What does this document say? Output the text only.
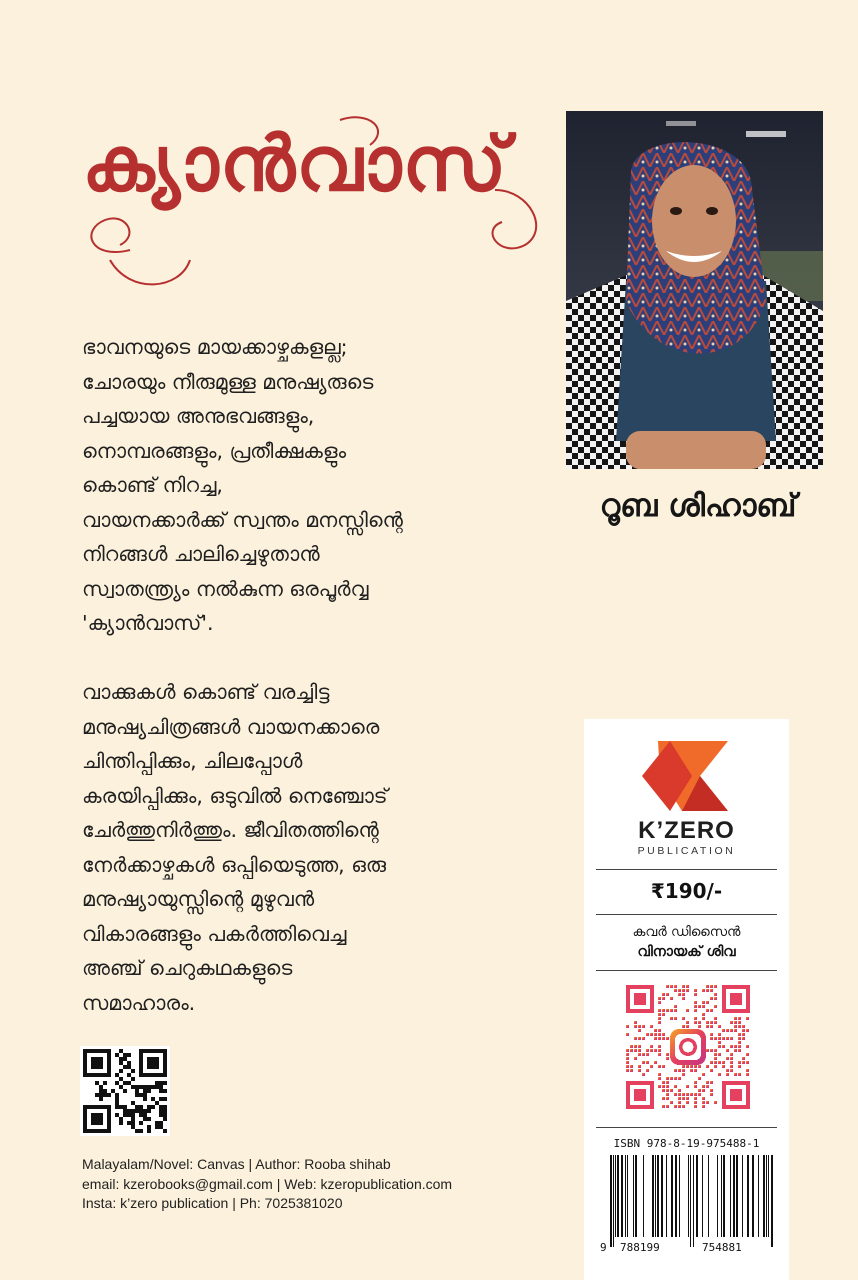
ക്യാൻവാസ്
റൂബ ശിഹാബ്

ഭാവനയുടെ മായക്കാഴ്ചകളല്ല;
ചോരയും നീരുമുള്ള മനുഷ്യരുടെ
പച്ചയായ അനുഭവങ്ങളും,
നൊമ്പരങ്ങളും, പ്രതീക്ഷകളും
കൊണ്ട് നിറച്ച,
വായനക്കാർക്ക് സ്വന്തം മനസ്സിന്റെ
നിറങ്ങൾ ചാലിച്ചെഴുതാൻ
സ്വാതന്ത്ര്യം നൽകുന്ന ഒരപൂർവ്വ
'ക്യാൻവാസ്'.

വാക്കുകൾ കൊണ്ട് വരച്ചിട്ട
മനുഷ്യചിത്രങ്ങൾ വായനക്കാരെ
ചിന്തിപ്പിക്കും, ചിലപ്പോൾ
കരയിപ്പിക്കും, ഒടുവിൽ നെഞ്ചോട്
ചേർത്തുനിർത്തും. ജീവിതത്തിന്റെ
നേർക്കാഴ്ചകൾ ഒപ്പിയെടുത്ത, ഒരു
മനുഷ്യായുസ്സിന്റെ മുഴുവൻ
വികാരങ്ങളും പകർത്തിവെച്ച
അഞ്ച് ചെറുകഥകളുടെ
സമാഹാരം.

Malayalam/Novel: Canvas | Author: Rooba shihab
email: kzerobooks@gmail.com | Web: kzeropublication.com
Insta: k’zero publication | Ph: 7025381020
K’ZERO
PUBLICATION
₹190/-
കവർ ഡിസൈൻ
വിനായക് ശിവ
ISBN 978-8-19-975488-1
9 788199	754881
